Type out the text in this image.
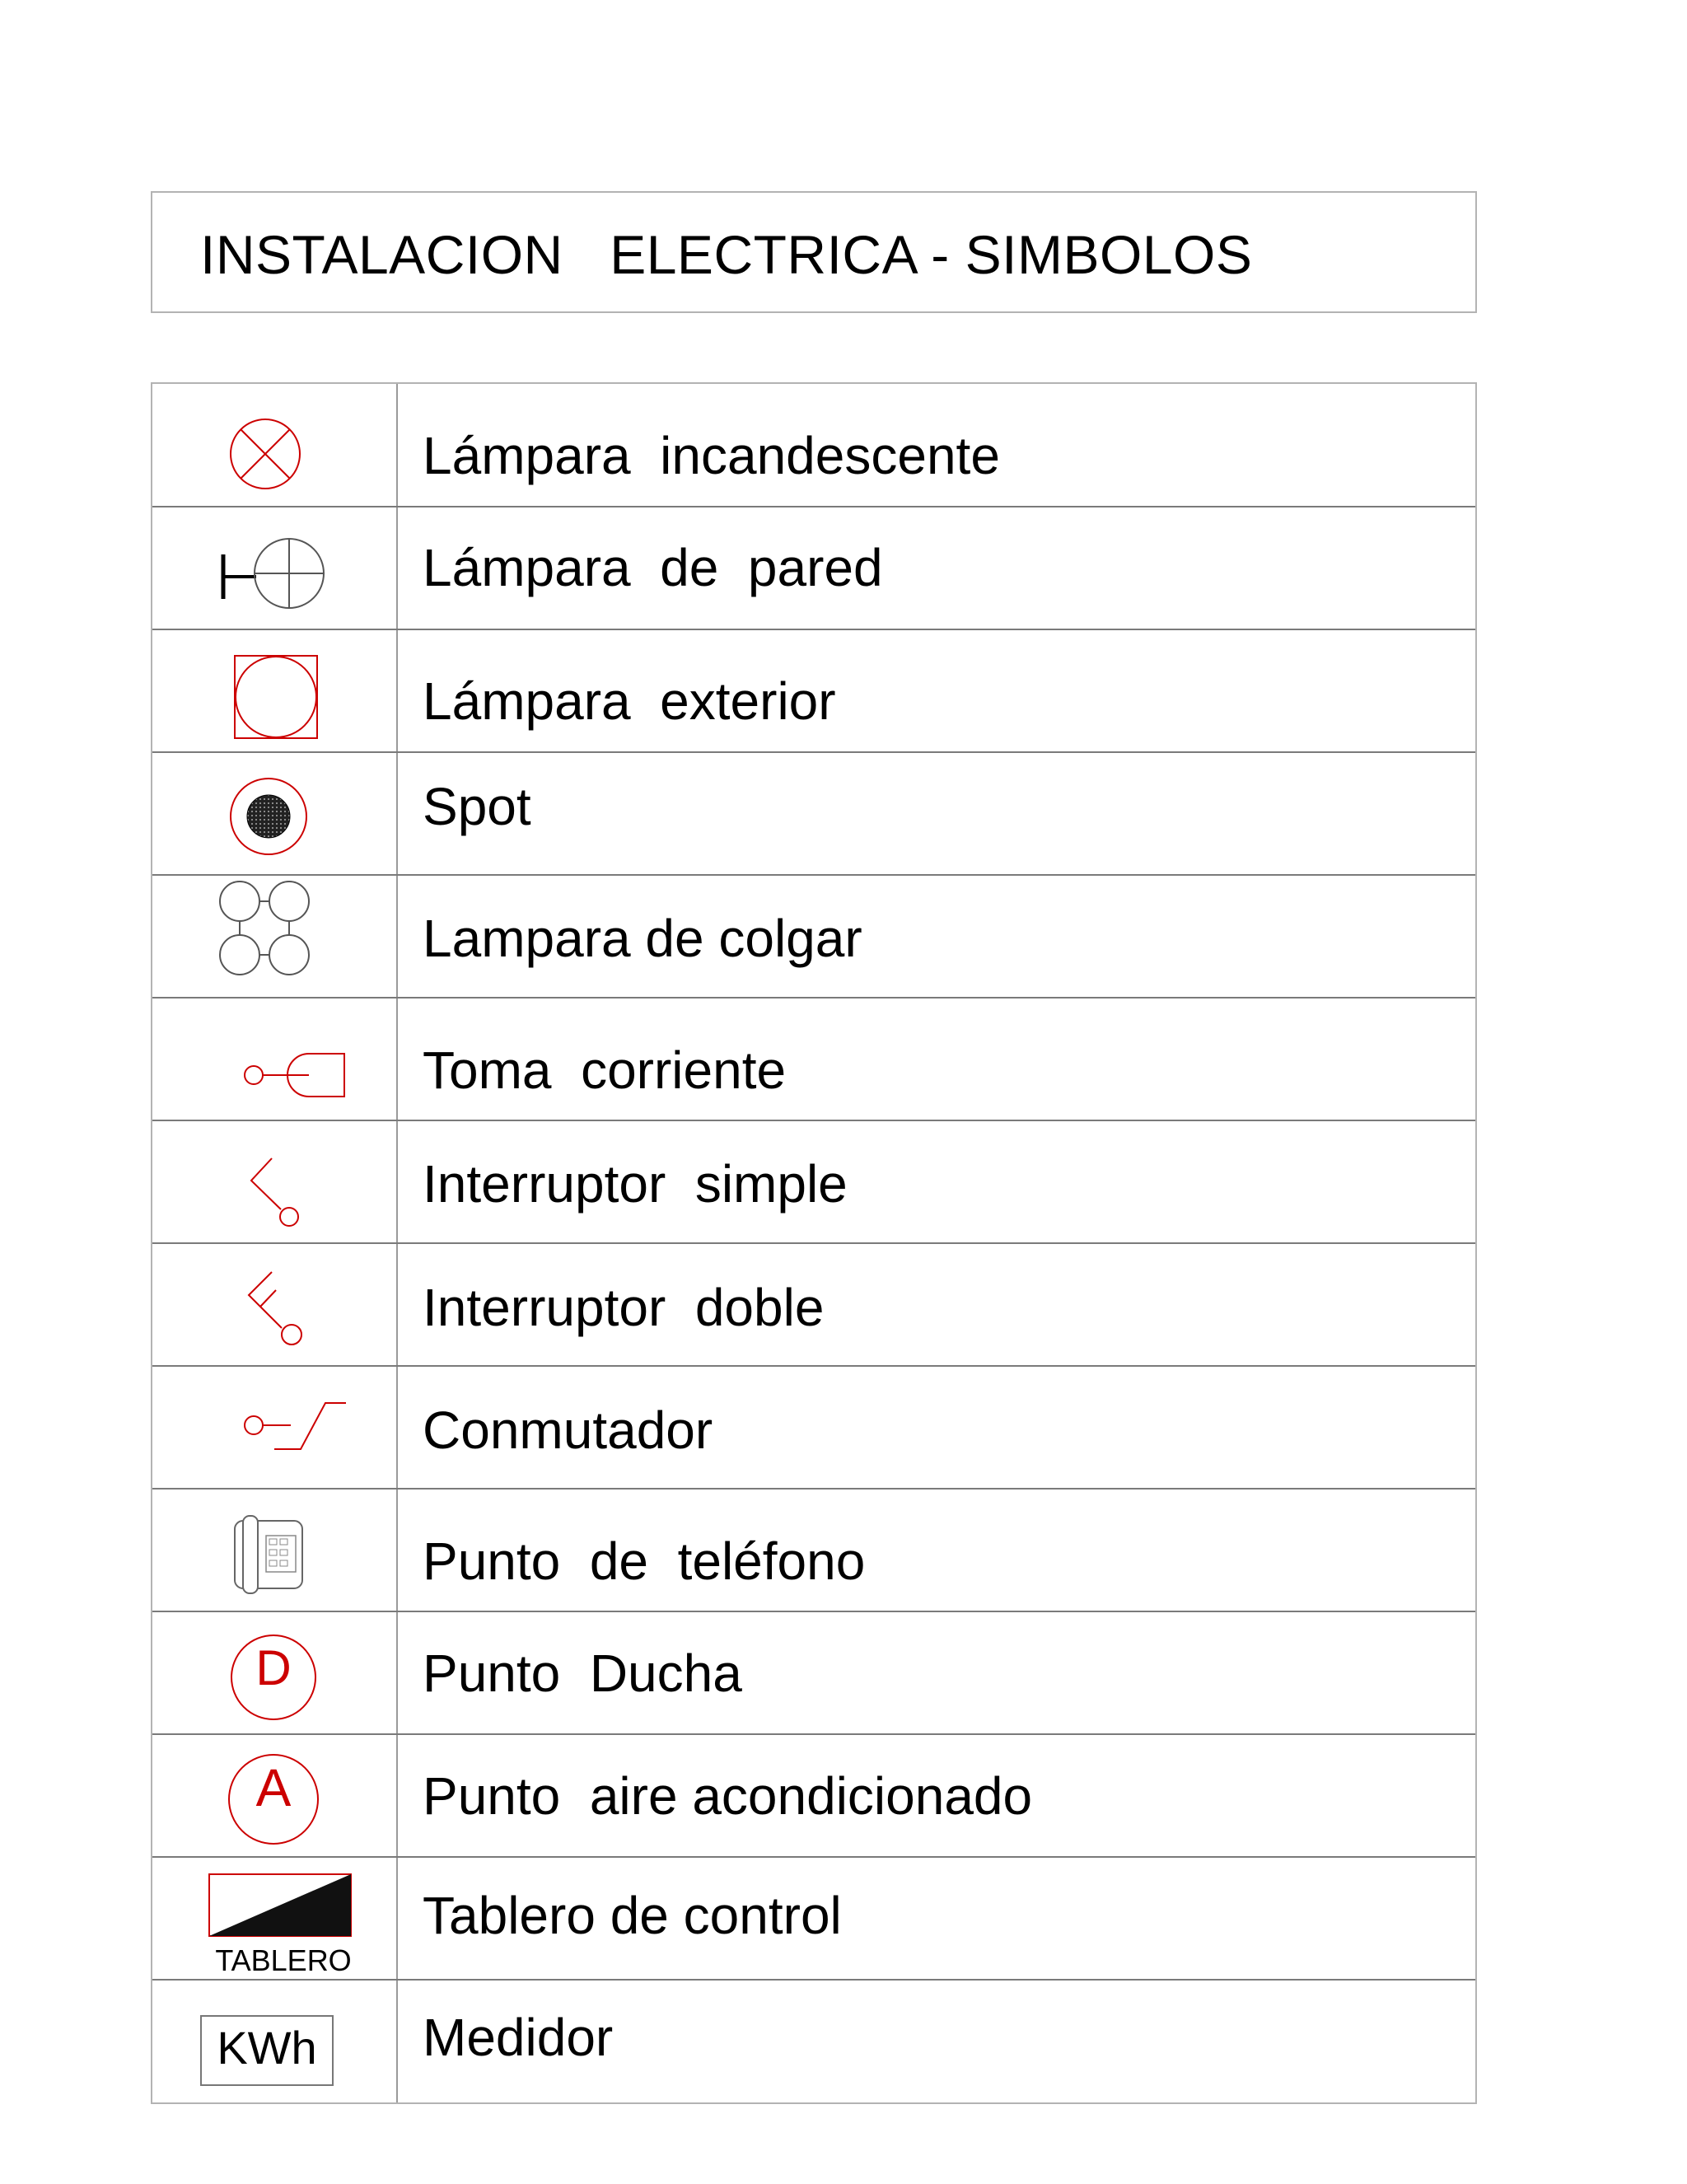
INSTALACION   ELECTRICA - SIMBOLOS
Lámpara  incandescente
Lámpara  de  pared
Lámpara  exterior
Spot
Lampara de colgar
Toma  corriente
Interruptor  simple
Interruptor  doble
Conmutador
Punto  de  teléfono
D Punto  Ducha
A Punto  aire acondicionado
TABLERO
Tablero de control
KWh Medidor
